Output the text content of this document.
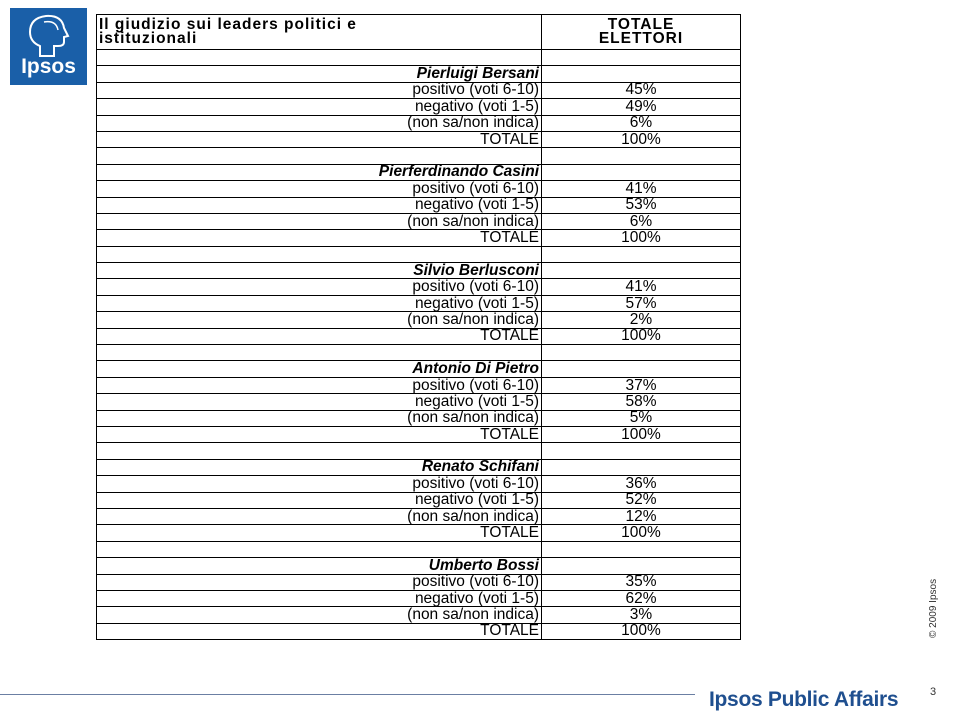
Ipsos
Il giudizio sui leaders politici e
istituzionali	TOTALE
ELETTORI

Pierluigi Bersani	
positivo (voti 6-10)	45%
negativo (voti 1-5)	49%
(non sa/non indica)	6%
TOTALE	100%

Pierferdinando Casini	
positivo (voti 6-10)	41%
negativo (voti 1-5)	53%
(non sa/non indica)	6%
TOTALE	100%

Silvio Berlusconi	
positivo (voti 6-10)	41%
negativo (voti 1-5)	57%
(non sa/non indica)	2%
TOTALE	100%

Antonio Di Pietro	
positivo (voti 6-10)	37%
negativo (voti 1-5)	58%
(non sa/non indica)	5%
TOTALE	100%

Renato Schifani	
positivo (voti 6-10)	36%
negativo (voti 1-5)	52%
(non sa/non indica)	12%
TOTALE	100%

Umberto Bossi	
positivo (voti 6-10)	35%
negativo (voti 1-5)	62%
(non sa/non indica)	3%
TOTALE	100%	© 2009 Ipsos
3
Ipsos Public Affairs
